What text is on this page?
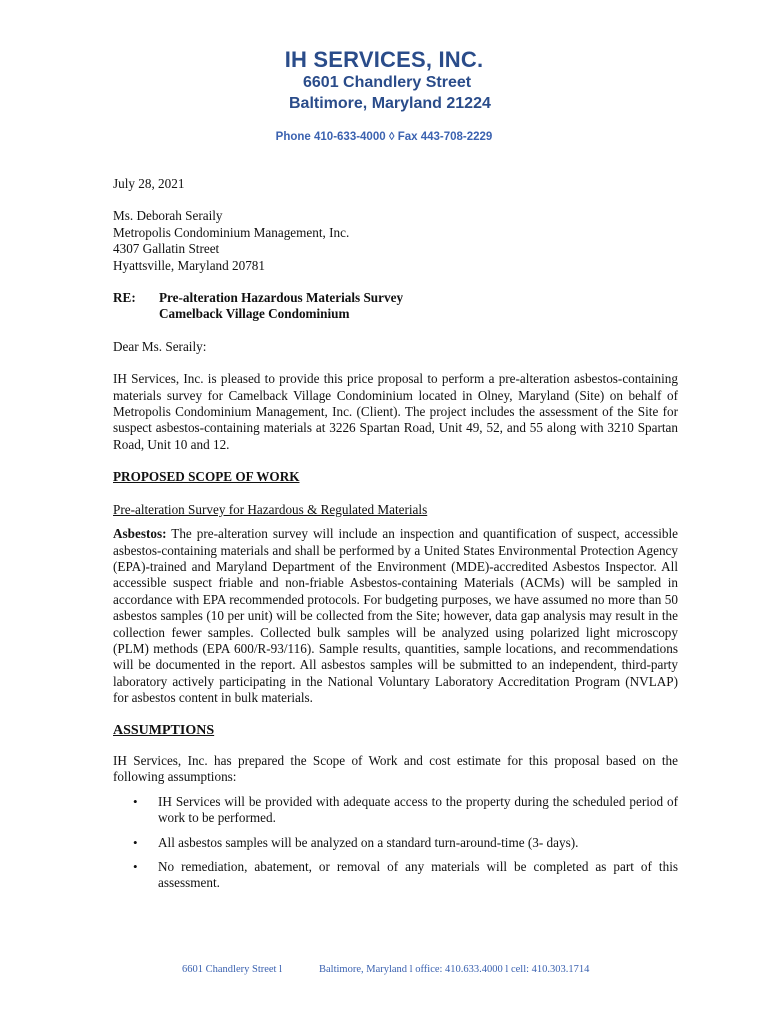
IH SERVICES, INC.
6601 Chandlery Street
Baltimore, Maryland 21224
Phone 410-633-4000 ◊ Fax 443-708-2229
July 28, 2021
Ms. Deborah Seraily
Metropolis Condominium Management, Inc.
4307 Gallatin Street
Hyattsville, Maryland 20781
RE:	Pre-alteration Hazardous Materials Survey
Camelback Village Condominium
Dear Ms. Seraily:

IH Services, Inc. is pleased to provide this price proposal to perform a pre-alteration asbestos-containing materials survey for Camelback Village Condominium located in Olney, Maryland (Site) on behalf of Metropolis Condominium Management, Inc. (Client). The project includes the assessment of the Site for suspect asbestos-containing materials at 3226 Spartan Road, Unit 49, 52, and 55 along with 3210 Spartan Road, Unit 10 and 12.

PROPOSED SCOPE OF WORK
Pre-alteration Survey for Hazardous & Regulated Materials

Asbestos: The pre-alteration survey will include an inspection and quantification of suspect, accessible asbestos-containing materials and shall be performed by a United States Environmental Protection Agency (EPA)-trained and Maryland Department of the Environment (MDE)-accredited Asbestos Inspector. All accessible suspect friable and non-friable Asbestos-containing Materials (ACMs) will be sampled in accordance with EPA recommended protocols. For budgeting purposes, we have assumed no more than 50 asbestos samples (10 per unit) will be collected from the Site; however, data gap analysis may result in the collection fewer samples. Collected bulk samples will be analyzed using polarized light microscopy (PLM) methods (EPA 600/R-93/116). Sample results, quantities, sample locations, and recommendations will be documented in the report. All asbestos samples will be submitted to an independent, third-party laboratory actively participating in the National Voluntary Laboratory Accreditation Program (NVLAP) for asbestos content in bulk materials.

ASSUMPTIONS

IH Services, Inc. has prepared the Scope of Work and cost estimate for this proposal based on the following assumptions:

• IH Services will be provided with adequate access to the property during the scheduled period of work to be performed.
• All asbestos samples will be analyzed on a standard turn-around-time (3- days).
• No remediation, abatement, or removal of any materials will be completed as part of this assessment.
6601 Chandlery Street l	Baltimore, Maryland l office: 410.633.4000 l cell: 410.303.1714
